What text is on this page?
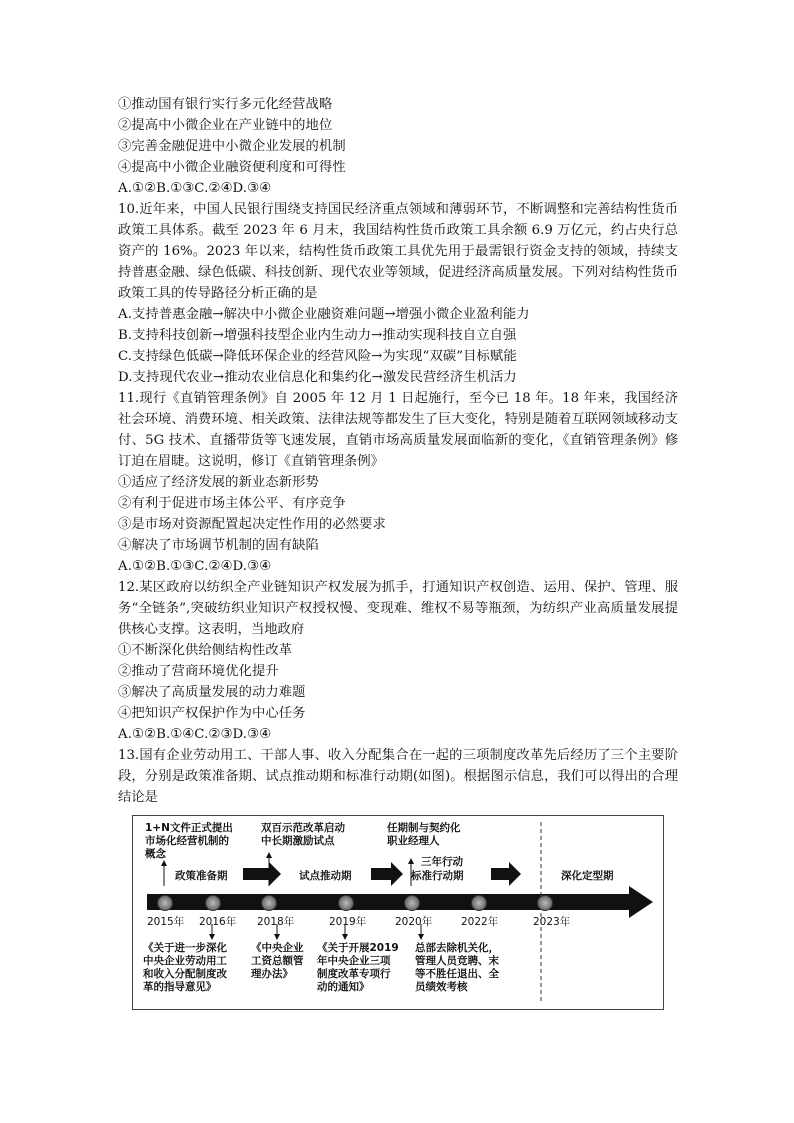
①推动国有银行实行多元化经营战略
②提高中小微企业在产业链中的地位
③完善金融促进中小微企业发展的机制
④提高中小微企业融资便利度和可得性
A.①②B.①③C.②④D.③④
10.近年来，中国人民银行围绕支持国民经济重点领域和薄弱环节，不断调整和完善结构性货币政策工具体系。截至 2023 年 6 月末，我国结构性货币政策工具余额 6.9 万亿元，约占央行总资产的 16%。2023 年以来，结构性货币政策工具优先用于最需银行资金支持的领域，持续支持普惠金融、绿色低碳、科技创新、现代农业等领域，促进经济高质量发展。下列对结构性货币政策工具的传导路径分析正确的是
A.支持普惠金融→解决中小微企业融资难问题→增强小微企业盈利能力
B.支持科技创新→增强科技型企业内生动力→推动实现科技自立自强
C.支持绿色低碳→降低环保企业的经营风险→为实现“双碳”目标赋能
D.支持现代农业→推动农业信息化和集约化→激发民营经济生机活力
11.现行《直销管理条例》自 2005 年 12 月 1 日起施行，至今已 18 年。18 年来，我国经济社会环境、消费环境、相关政策、法律法规等都发生了巨大变化，特别是随着互联网领域移动支付、5G 技术、直播带货等飞速发展，直销市场高质量发展面临新的变化，《直销管理条例》修订迫在眉睫。这说明，修订《直销管理条例》
①适应了经济发展的新业态新形势
②有利于促进市场主体公平、有序竞争
③是市场对资源配置起决定性作用的必然要求
④解决了市场调节机制的固有缺陷
A.①②B.①③C.②④D.③④
12.某区政府以纺织全产业链知识产权发展为抓手，打通知识产权创造、运用、保护、管理、服务“全链条”,突破纺织业知识产权授权慢、变现难、维权不易等瓶颈，为纺织产业高质量发展提供核心支撑。这表明，当地政府
①不断深化供给侧结构性改革
②推动了营商环境优化提升
③解决了高质量发展的动力难题
④把知识产权保护作为中心任务
A.①②B.①④C.②③D.③④
13.国有企业劳动用工、干部人事、收入分配集合在一起的三项制度改革先后经历了三个主要阶段，分别是政策准备期、试点推动期和标准行动期(如图)。根据图示信息，我们可以得出的合理结论是
2015年 2016年 2018年	2019年	2020年	2022年	2023年
政策准备期	试点推动期
三年行动
标准行动期	深化定型期
1+N文件正式提出
市场化经营机制的
概念
双百示范改革启动
中长期激励试点
任期制与契约化
职业经理人
《关于进一步深化
中央企业劳动用工
和收入分配制度改
革的指导意见》
《中央企业
工资总额管
理办法》
《关于开展2019
年中央企业三项
制度改革专项行
动的通知》
总部去除机关化，
管理人员竞聘、末
等不胜任退出、全
员绩效考核
